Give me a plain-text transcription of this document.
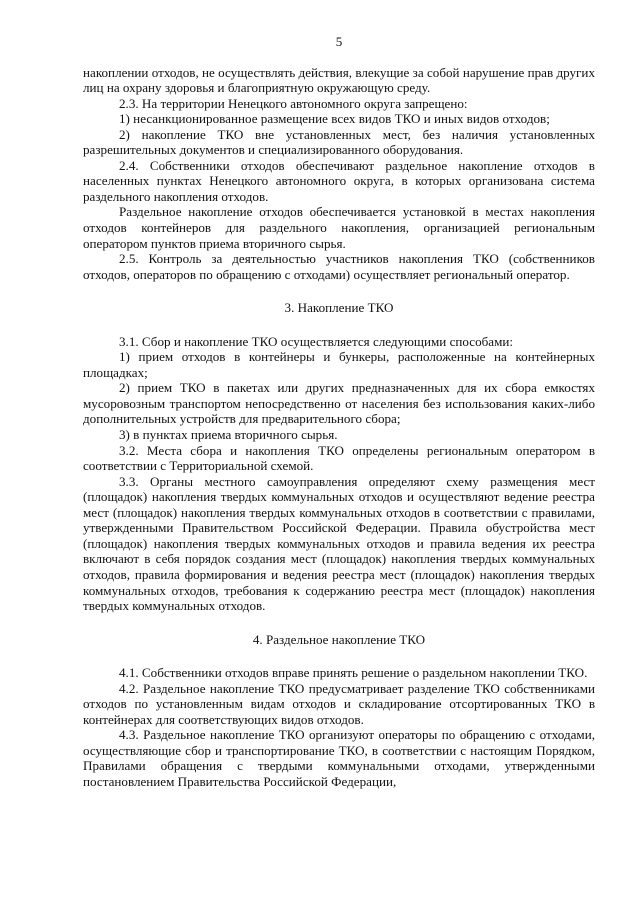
5

накоплении отходов, не осуществлять действия, влекущие за собой нарушение прав других лиц на охрану здоровья и благоприятную окружающую среду.

2.3. На территории Ненецкого автономного округа запрещено:

1) несанкционированное размещение всех видов ТКО и иных видов отходов;

2) накопление ТКО вне установленных мест, без наличия установленных разрешительных документов и специализированного оборудования.

2.4. Собственники отходов обеспечивают раздельное накопление отходов в населенных пунктах Ненецкого автономного округа, в которых организована система раздельного накопления отходов.

Раздельное накопление отходов обеспечивается установкой в местах накопления отходов контейнеров для раздельного накопления, организацией региональным оператором пунктов приема вторичного сырья.

2.5. Контроль за деятельностью участников накопления ТКО (собственников отходов, операторов по обращению с отходами) осуществляет региональный оператор.

3. Накопление ТКО

3.1. Сбор и накопление ТКО осуществляется следующими способами:

1) прием отходов в контейнеры и бункеры, расположенные на контейнерных площадках;

2) прием ТКО в пакетах или других предназначенных для их сбора емкостях мусоровозным транспортом непосредственно от населения без использования каких-либо дополнительных устройств для предварительного сбора;

3) в пунктах приема вторичного сырья.

3.2. Места сбора и накопления ТКО определены региональным оператором в соответствии с Территориальной схемой.

3.3. Органы местного самоуправления определяют схему размещения мест (площадок) накопления твердых коммунальных отходов и осуществляют ведение реестра мест (площадок) накопления твердых коммунальных отходов в соответствии с правилами, утвержденными Правительством Российской Федерации. Правила обустройства мест (площадок) накопления твердых коммунальных отходов и правила ведения их реестра включают в себя порядок создания мест (площадок) накопления твердых коммунальных отходов, правила формирования и ведения реестра мест (площадок) накопления твердых коммунальных отходов, требования к содержанию реестра мест (площадок) накопления твердых коммунальных отходов.

4. Раздельное накопление ТКО

4.1. Собственники отходов вправе принять решение о раздельном накоплении ТКО.

4.2. Раздельное накопление ТКО предусматривает разделение ТКО собственниками отходов по установленным видам отходов и складирование отсортированных ТКО в контейнерах для соответствующих видов отходов.

4.3. Раздельное накопление ТКО организуют операторы по обращению с отходами, осуществляющие сбор и транспортирование ТКО, в соответствии с настоящим Порядком, Правилами обращения с твердыми коммунальными отходами, утвержденными постановлением Правительства Российской Федерации,
